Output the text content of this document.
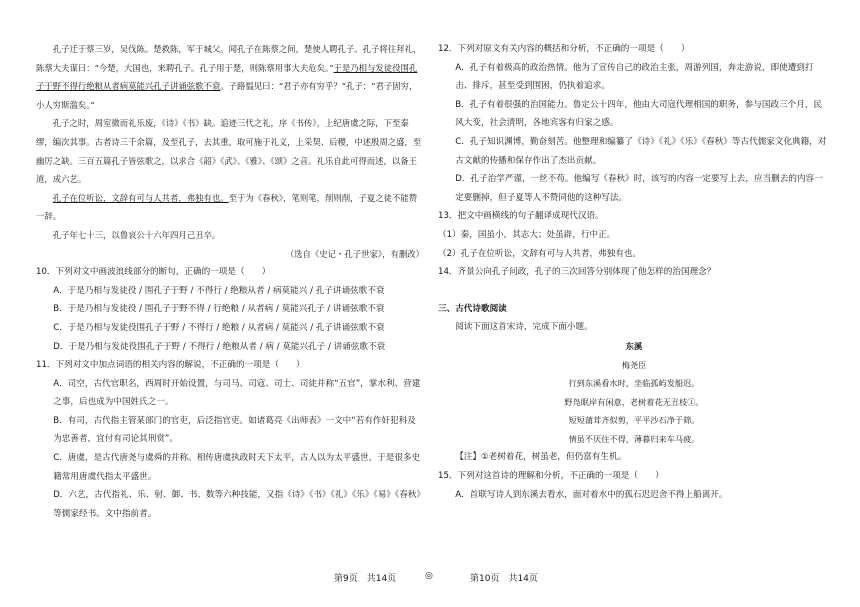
孔子迁于蔡三岁，吴伐陈。楚救陈，军于城父。闻孔子在陈蔡之间，楚使人聘孔子。孔子将往拜礼，陈蔡大夫谋曰：“今楚，大国也，来聘孔子。孔子用于楚，则陈蔡用事大夫危矣。”于是乃相与发徒役围孔子于野不得行绝粮从者病莫能兴孔子讲诵弦歌不衰。子路愠见曰：“君子亦有穷乎？”孔子：“君子固穷，小人穷斯滥矣。”

孔子之时，周室微而礼乐废，《诗》《书》缺。追迹三代之礼，序《书传》，上纪唐虞之际，下至秦缪，编次其事。古者诗三千余篇，及至孔子，去其重，取可施于礼义，上采契、后稷，中述殷周之盛，至幽厉之缺。三百五篇孔子皆弦歌之，以求合《韶》《武》、《雅》、《颂》之音。礼乐自此可得而述，以备王道，成六艺。

孔子在位听讼，文辞有可与人共者，弗独有也。至于为《春秋》，笔则笔，削则削，子夏之徒不能赞一辞。

孔子年七十三，以鲁哀公十六年四月己丑卒。

（选自《史记・孔子世家》，有删改）

10．下列对文中画波浪线部分的断句，正确的一项是（　　）

A．于是乃相与发徒役 / 围孔子于野 / 不得行 / 绝粮从者 / 病莫能兴 / 孔子讲诵弦歌不衰

B．于是乃相与发徒役 / 围孔子于野不得 / 行绝粮 / 从者病 / 莫能兴孔子 / 讲诵弦歌不衰

C．于是乃相与发徒役围孔子于野 / 不得行 / 绝粮 / 从者病 / 莫能兴 / 孔子讲诵弦歌不衰

D．于是乃相与发徒役围孔子于野 / 不得行 / 绝粮从者 / 病 / 莫能兴孔子 / 讲诵弦歌不衰

11．下列对文中加点词语的相关内容的解说，不正确的一项是（　　）

A．司空，古代官职名，西周时开始设置，与司马、司寇、司士、司徒并称“五官”，掌水利、营建之事，后也成为中国姓氏之一。

B．有司，古代指主管某部门的官吏，后泛指官吏。如诸葛亮《出师表》一文中“若有作奸犯科及为忠善者，宜付有司论其刑赏”。

C．唐虞，是古代唐尧与虞舜的并称。相传唐虞执政时天下太平，古人以为太平盛世，于是很多史籍常用唐虞代指太平盛世。

D．六艺，古代指礼、乐、射、御、书、数等六种技能，又指《诗》《书》《礼》《乐》《易》《春秋》等儒家经书。文中指前者。

12．下列对原文有关内容的概括和分析，不正确的一项是（　　）

A．孔子有着极高的政治热情。他为了宣传自己的政治主张，周游列国，奔走游说，即使遭到打击、排斥，甚至受到围困，仍执着追求。

B．孔子有着很强的治国能力。鲁定公十四年，他由大司寇代理相国的职务，参与国政三个月，民风大变，社会清明，各地宾客有归家之感。

C．孔子知识渊博，勤奋刻苦。他整理和编纂了《诗》《礼》《乐》《春秋》等古代儒家文化典籍，对古文献的传播和保存作出了杰出贡献。

D．孔子治学严谨，一丝不苟。他编写《春秋》时，该写的内容一定要写上去，应当删去的内容一定要删掉，但子夏等人不赞同他的这种写法。

13．把文中画横线的句子翻译成现代汉语。

（1）秦，国虽小，其志大；处虽辟，行中正。

（2）孔子在位听讼，文辞有可与人共者，弗独有也。

14．齐景公向孔子问政，孔子的三次回答分别体现了他怎样的治国理念？

三、古代诗歌阅读

阅读下面这首宋诗，完成下面小题。

东溪

梅尧臣

行到东溪看水时，坐临孤屿发船迟。

野凫眠岸有闲意，老树着花无丑枝①。

短短蒲茸齐似剪，平平沙石净于筛。

情虽不厌住不得，薄暮归来车马疲。

【注】①老树着花，树虽老，但仍富有生机。

15．下列对这首诗的理解和分析，不正确的一项是（　　）

A．首联写诗人到东溪去看水，面对着水中的孤石迟迟舍不得上船离开。

第9页　共14页	◎	第10页　共14页
